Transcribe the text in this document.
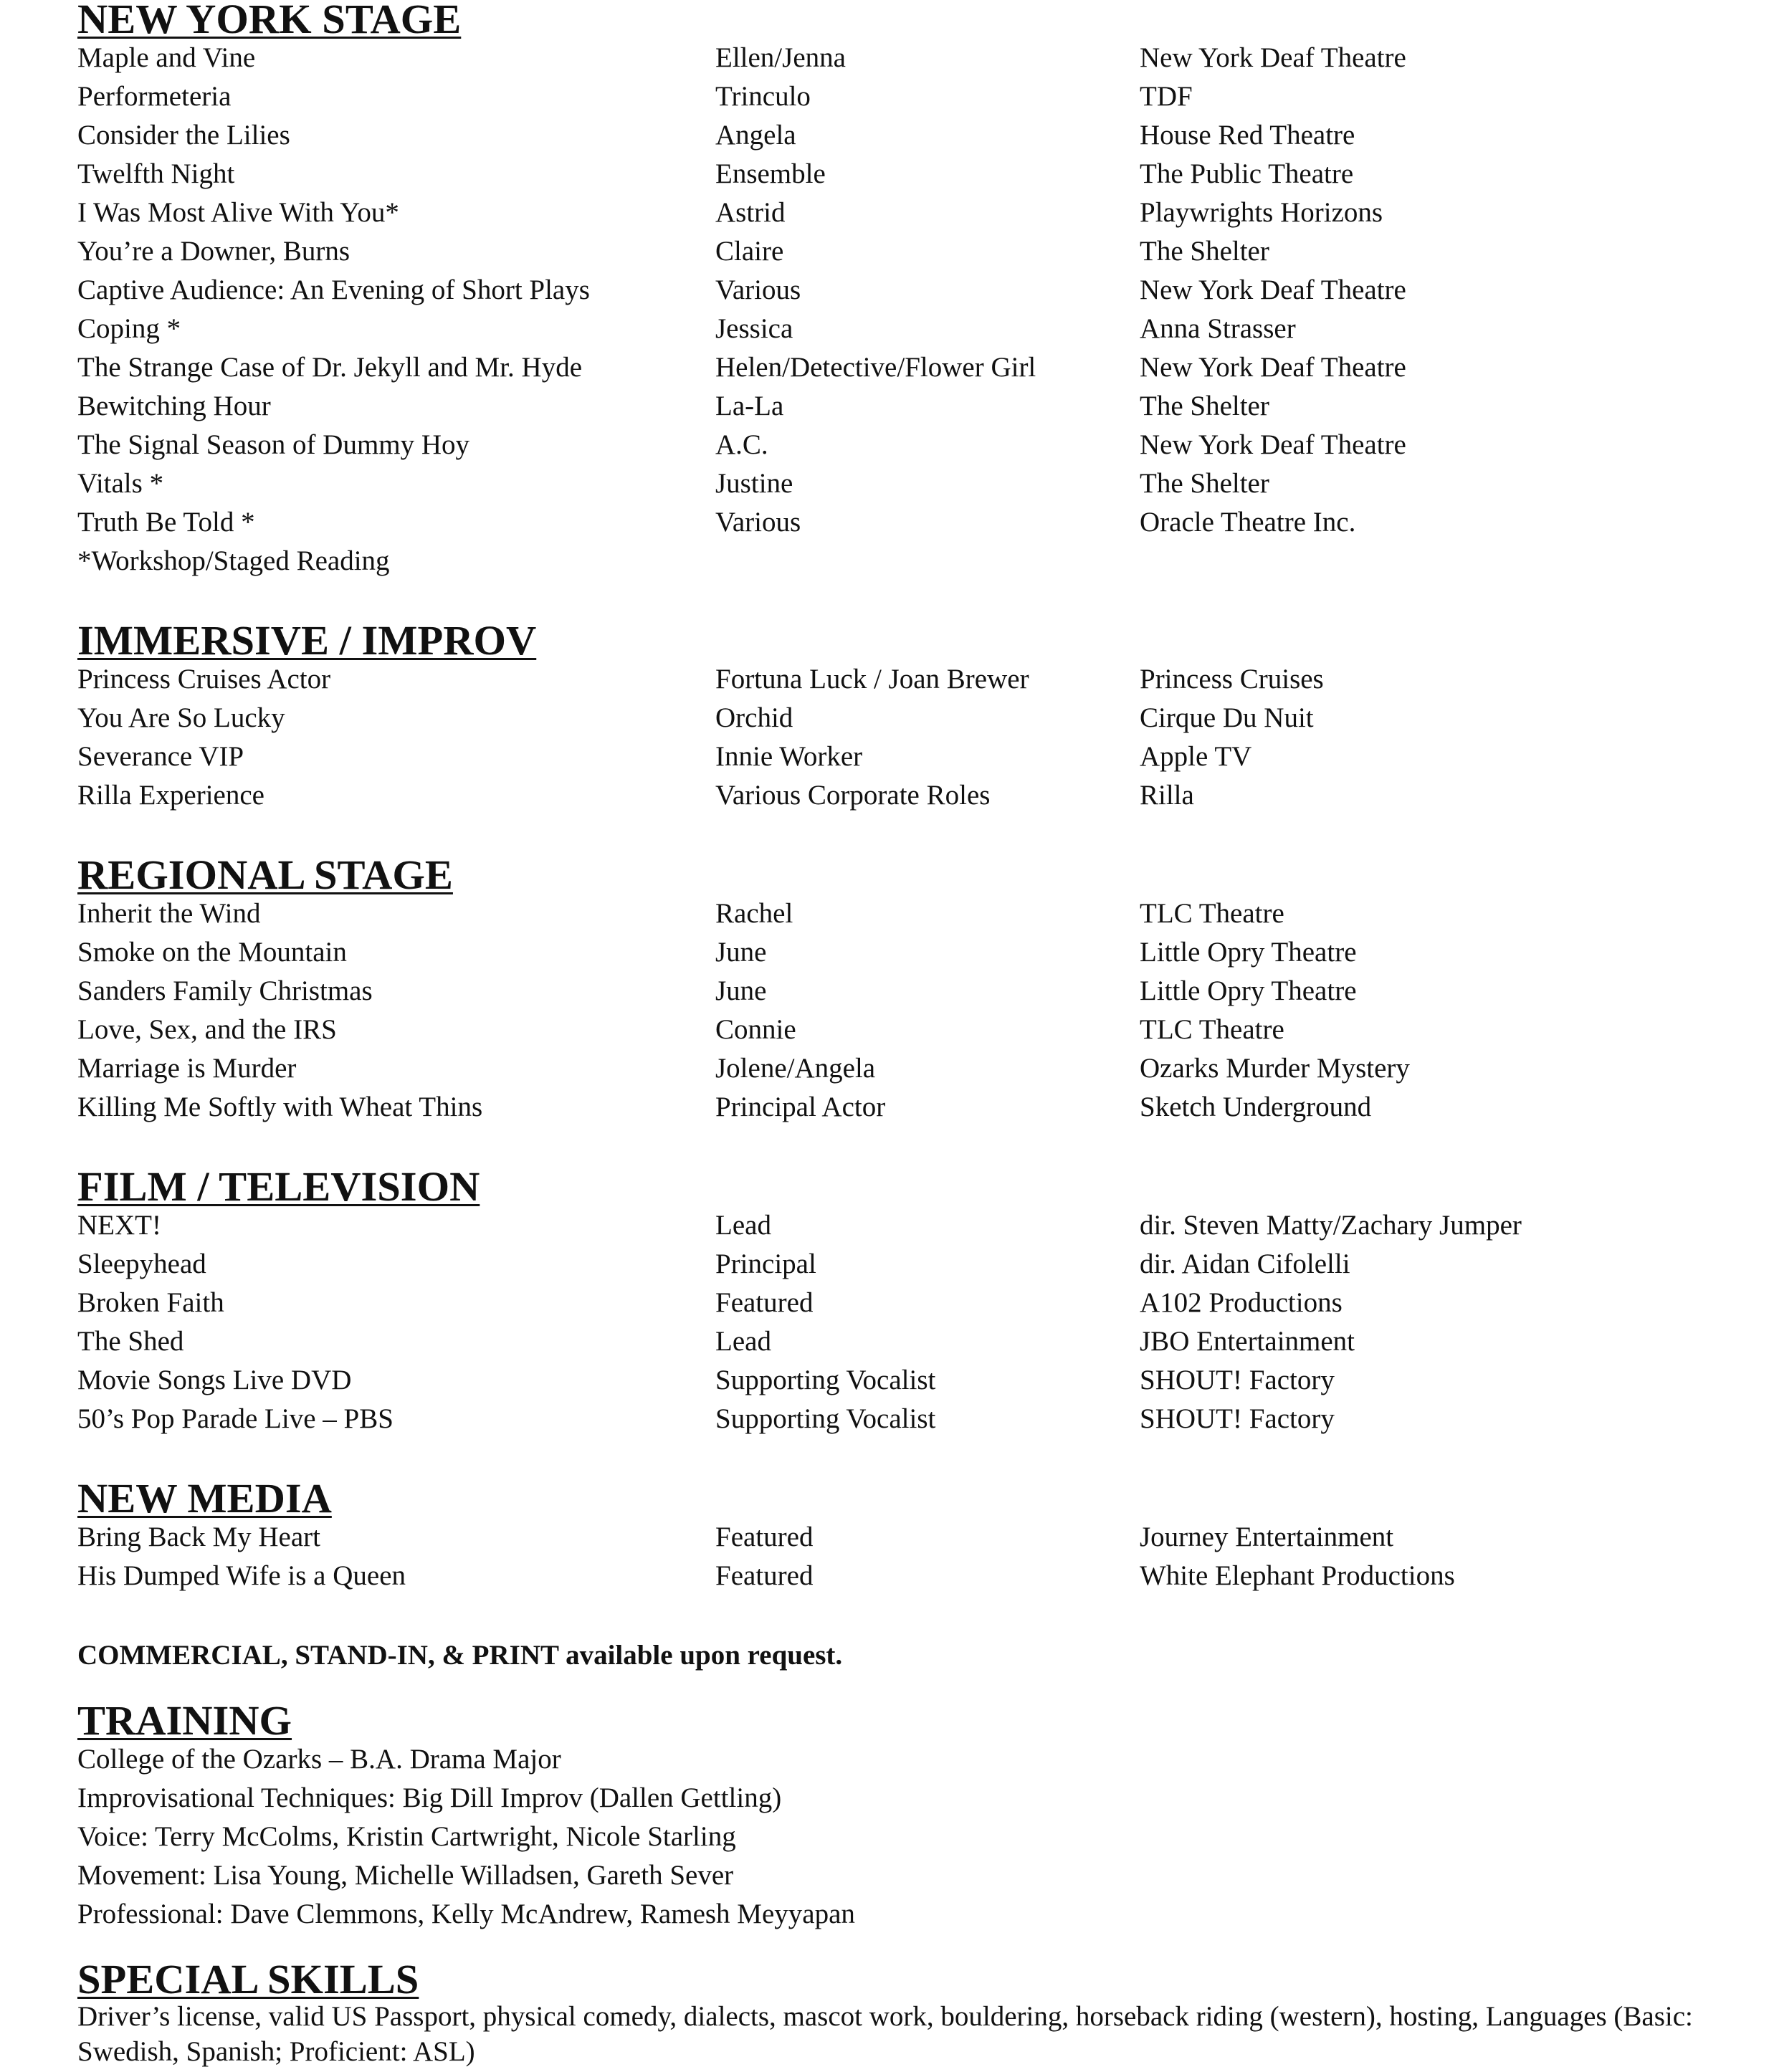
NEW YORK STAGE
Maple and Vine	Ellen/Jenna	New York Deaf Theatre
Performeteria	Trinculo	TDF
Consider the Lilies	Angela	House Red Theatre
Twelfth Night	Ensemble	The Public Theatre
I Was Most Alive With You*	Astrid	Playwrights Horizons
You’re a Downer, Burns	Claire	The Shelter
Captive Audience: An Evening of Short Plays	Various	New York Deaf Theatre
Coping *	Jessica	Anna Strasser
The Strange Case of Dr. Jekyll and Mr. Hyde	Helen/Detective/Flower Girl	New York Deaf Theatre
Bewitching Hour	La-La	The Shelter
The Signal Season of Dummy Hoy	A.C.	New York Deaf Theatre
Vitals *	Justine	The Shelter
Truth Be Told *	Various	Oracle Theatre Inc.
*Workshop/Staged Reading
IMMERSIVE / IMPROV
Princess Cruises Actor	Fortuna Luck / Joan Brewer	Princess Cruises
You Are So Lucky	Orchid	Cirque Du Nuit
Severance VIP	Innie Worker	Apple TV
Rilla Experience	Various Corporate Roles	Rilla
REGIONAL STAGE
Inherit the Wind	Rachel	TLC Theatre
Smoke on the Mountain	June	Little Opry Theatre
Sanders Family Christmas	June	Little Opry Theatre
Love, Sex, and the IRS	Connie	TLC Theatre
Marriage is Murder	Jolene/Angela	Ozarks Murder Mystery
Killing Me Softly with Wheat Thins	Principal Actor	Sketch Underground
FILM / TELEVISION
NEXT!	Lead	dir. Steven Matty/Zachary Jumper
Sleepyhead	Principal	dir. Aidan Cifolelli
Broken Faith	Featured	A102 Productions
The Shed	Lead	JBO Entertainment
Movie Songs Live DVD	Supporting Vocalist	SHOUT! Factory
50’s Pop Parade Live – PBS	Supporting Vocalist	SHOUT! Factory
NEW MEDIA
Bring Back My Heart	Featured	Journey Entertainment
His Dumped Wife is a Queen	Featured	White Elephant Productions
COMMERCIAL, STAND-IN, & PRINT available upon request.
TRAINING
College of the Ozarks – B.A. Drama Major
Improvisational Techniques: Big Dill Improv (Dallen Gettling)
Voice: Terry McColms, Kristin Cartwright, Nicole Starling
Movement: Lisa Young, Michelle Willadsen, Gareth Sever
Professional: Dave Clemmons, Kelly McAndrew, Ramesh Meyyapan
SPECIAL SKILLS
Driver’s license, valid US Passport, physical comedy, dialects, mascot work, bouldering, horseback riding (western), hosting, Languages (Basic: Swedish, Spanish; Proficient: ASL)
